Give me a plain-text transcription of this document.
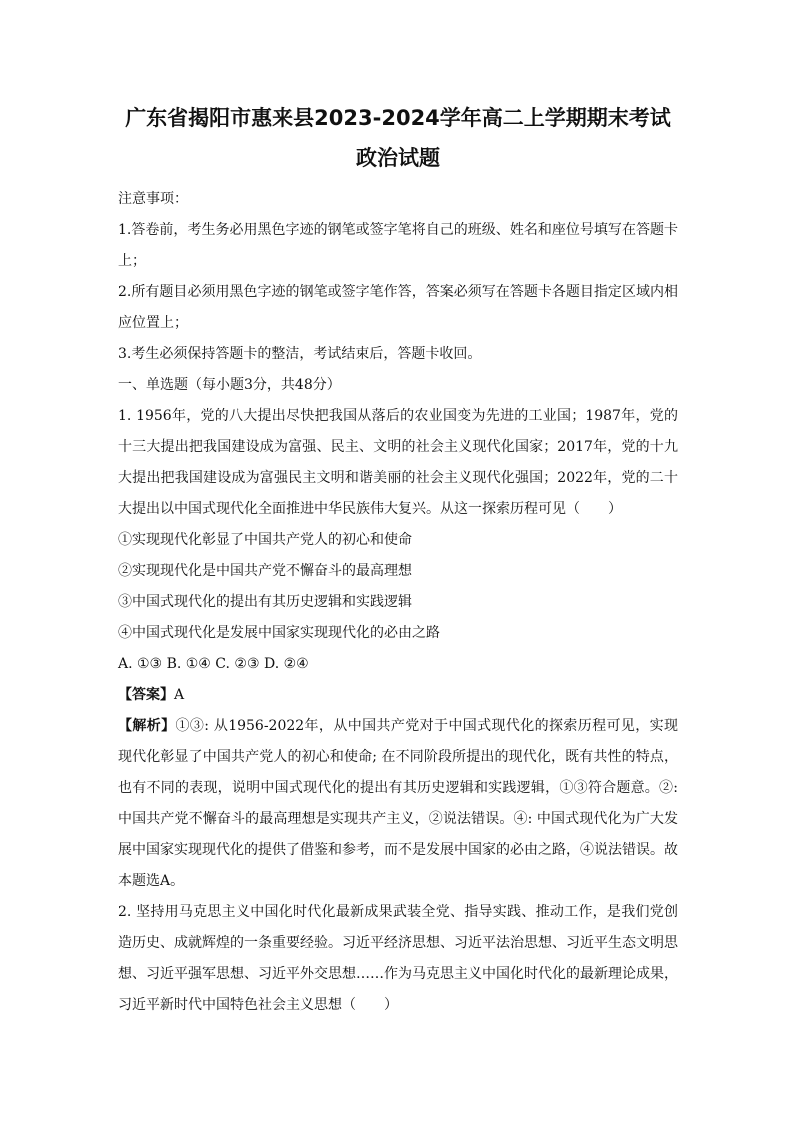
广东省揭阳市惠来县2023-2024学年高二上学期期末考试
政治试题
注意事项：
1.答卷前，考生务必用黑色字迹的钢笔或签字笔将自己的班级、姓名和座位号填写在答题卡上；
2.所有题目必须用黑色字迹的钢笔或签字笔作答，答案必须写在答题卡各题目指定区域内相应位置上；
3.考生必须保持答题卡的整洁，考试结束后，答题卡收回。
一、单选题（每小题3分，共48分）
1. 1956年，党的八大提出尽快把我国从落后的农业国变为先进的工业国；1987年，党的十三大提出把我国建设成为富强、民主、文明的社会主义现代化国家；2017年，党的十九大提出把我国建设成为富强民主文明和谐美丽的社会主义现代化强国；2022年，党的二十大提出以中国式现代化全面推进中华民族伟大复兴。从这一探索历程可见（　　）
①实现现代化彰显了中国共产党人的初心和使命
②实现现代化是中国共产党不懈奋斗的最高理想
③中国式现代化的提出有其历史逻辑和实践逻辑
④中国式现代化是发展中国家实现现代化的必由之路
A. ①③ B. ①④ C. ②③ D. ②④
【答案】A
【解析】①③: 从1956-2022年，从中国共产党对于中国式现代化的探索历程可见，实现现代化彰显了中国共产党人的初心和使命; 在不同阶段所提出的现代化，既有共性的特点，也有不同的表现，说明中国式现代化的提出有其历史逻辑和实践逻辑，①③符合题意。②: 中国共产党不懈奋斗的最高理想是实现共产主义，②说法错误。④: 中国式现代化为广大发展中国家实现现代化的提供了借鉴和参考，而不是发展中国家的必由之路，④说法错误。故本题选A。
2. 坚持用马克思主义中国化时代化最新成果武装全党、指导实践、推动工作，是我们党创造历史、成就辉煌的一条重要经验。习近平经济思想、习近平法治思想、习近平生态文明思想、习近平强军思想、习近平外交思想……作为马克思主义中国化时代化的最新理论成果，习近平新时代中国特色社会主义思想（　　）
